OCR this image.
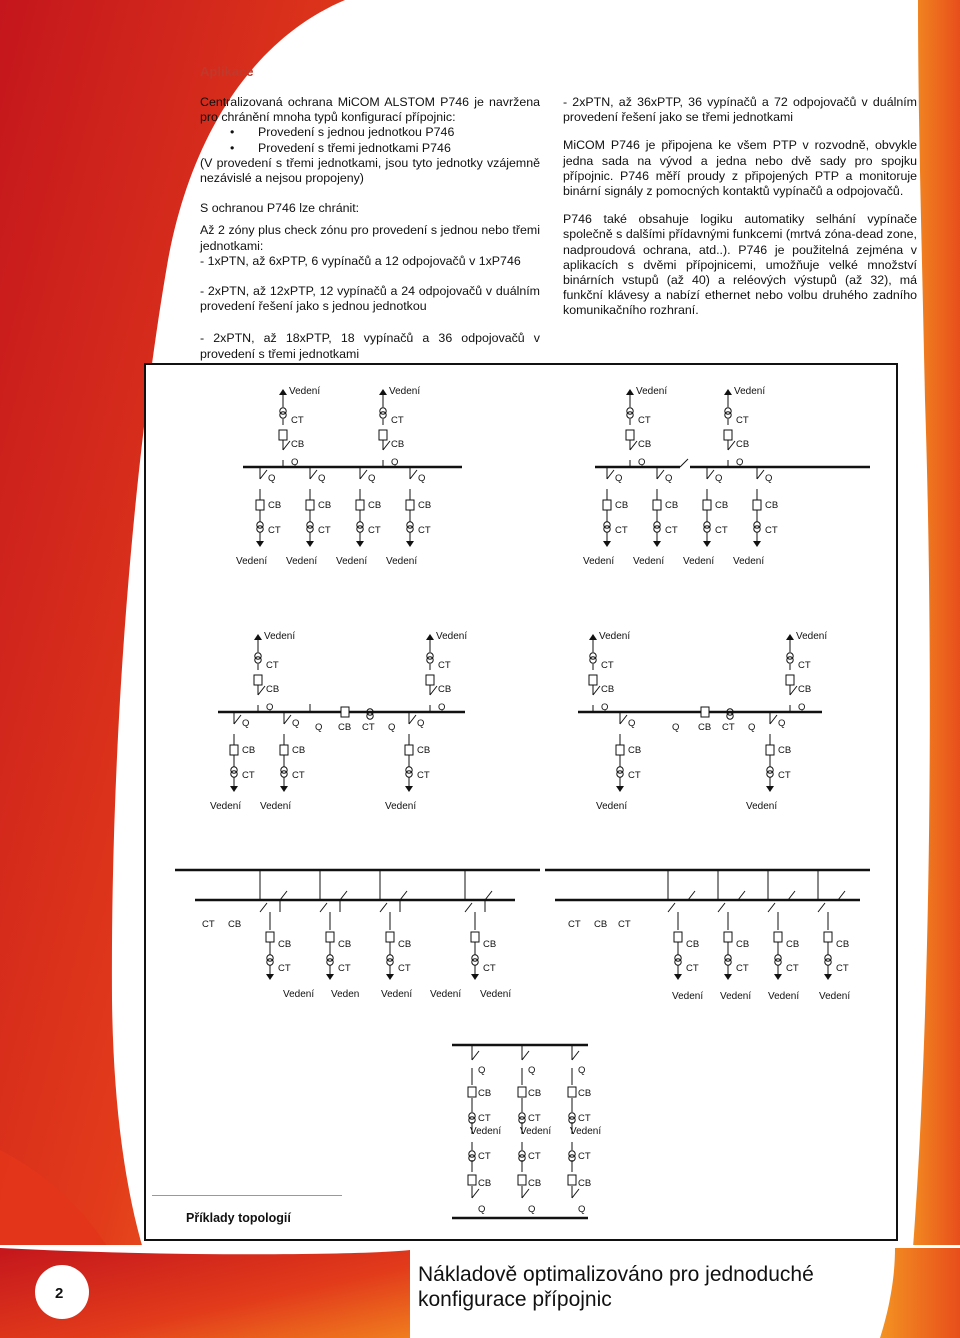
Aplikace
Centralizovaná ochrana MiCOM ALSTOM P746 je navržena pro chránění mnoha typů konfigurací přípojnic:
• Provedení s jednou jednotkou P746
• Provedení s třemi jednotkami P746
(V provedení s třemi jednotkami, jsou tyto jednotky vzájemně nezávislé a nejsou propojeny)
S ochranou P746 lze chránit:
Až 2 zóny plus check zónu pro provedení s jednou nebo třemi jednotkami:
- 1xPTN, až 6xPTP, 6 vypínačů a 12 odpojovačů v 1xP746
- 2xPTN, až 12xPTP, 12 vypínačů a 24 odpojovačů v duálním provedení řešení jako s jednou jednotkou
- 2xPTN, až 18xPTP, 18 vypínačů a 36 odpojovačů v provedení s třemi jednotkami
- 2xPTN, až 36xPTP, 36 vypínačů a 72 odpojovačů v duálním provedení řešení jako se třemi jednotkami
MiCOM P746 je připojena ke všem PTP v rozvodně, obvykle jedna sada na vývod a jedna nebo dvě sady pro spojku přípojnic. P746 měří proudy z připojených PTP a monitoruje binární signály z pomocných kontaktů vypínačů a odpojovačů.
P746 také obsahuje logiku automatiky selhání vypínače společně s dalšími přídavnými funkcemi (mrtvá zóna-dead zone, nadproudová ochrana, atd..). P746 je použitelná zejména v aplikacích s dvěmi přípojnicemi, umožňuje velké množství binárních vstupů (až 40) a reléových výstupů (až 32), má funkční klávesy a nabízí ethernet nebo volbu druhého zadního komunikačního rozhraní.
Vedení
CT
CB
Q
Vedení
CT
CB
Q
Q
CB
CT
Vedení
Q
CB
CT
Vedení
Q
CB
CT
Vedení
Q
CB
CT
Vedení
Vedení
CT
CB
Q
Vedení
CT
CB
Q
Q
CB
CT
Vedení
Q
CB
CT
Vedení
Q
CB
CT
Vedení
Q
CB
CT
Vedení
Vedení
CT
CB
Q
Vedení
CT
CB
Q
Q
CB
CT
Vedení
Q
CB
CT
Vedení
Q
CB
CT
Vedení
Q CB CT Q
Vedení
CT
CB
Q
Vedení
CT
CB
Q
Q
CB
CT
Vedení
Q
CB
CT
Vedení
Q CB CT Q
CT CB
CB
CT
CB
CT
CB
CT
CB
CT
Vedení Veden Vedení Vedení Vedení
CT CB CT
CB
CT
CB
CT
CB
CT
CB
CT
Vedení Vedení Vedení Vedení
Q
CB
CT
Vedení
CT
CB
Q
Q
CB
CT
Vedení
CT
CB
Q
Q
CB
CT
Vedení
CT
CB
Q
Příklady topologií
2
Nákladově optimalizováno pro jednoduché
konfigurace přípojnic
